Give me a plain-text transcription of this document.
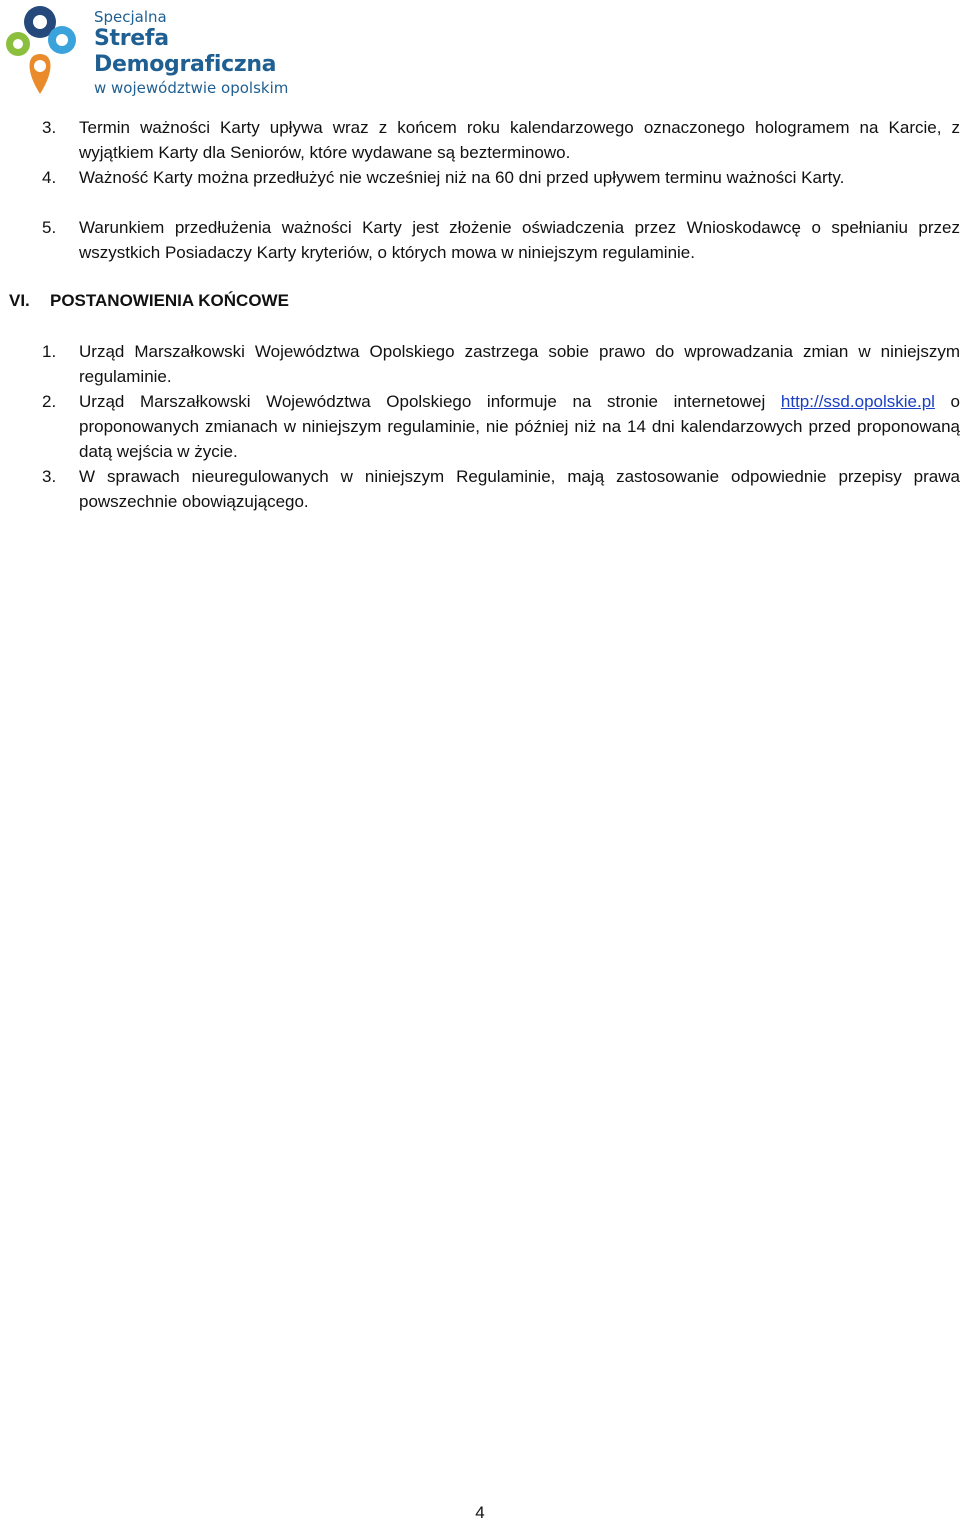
Specjalna
Strefa Demograficzna
w województwie opolskim
3. Termin ważności Karty upływa wraz z końcem roku kalendarzowego oznaczonego hologramem na Karcie, z wyjątkiem Karty dla Seniorów, które wydawane są bezterminowo.
4. Ważność Karty można przedłużyć nie wcześniej niż na 60 dni przed upływem terminu ważności Karty.
5. Warunkiem przedłużenia ważności Karty jest złożenie oświadczenia przez Wnioskodawcę o spełnianiu przez wszystkich Posiadaczy Karty kryteriów, o których mowa w niniejszym regulaminie.
VI. POSTANOWIENIA KOŃCOWE
1. Urząd Marszałkowski Województwa Opolskiego zastrzega sobie prawo do wprowadzania zmian w niniejszym regulaminie.
2. Urząd Marszałkowski Województwa Opolskiego informuje na stronie internetowej http://ssd.opolskie.pl o proponowanych zmianach w niniejszym regulaminie, nie później niż na 14 dni kalendarzowych przed proponowaną datą wejścia w życie.
3. W sprawach nieuregulowanych w niniejszym Regulaminie, mają zastosowanie odpowiednie przepisy prawa powszechnie obowiązującego.
4
